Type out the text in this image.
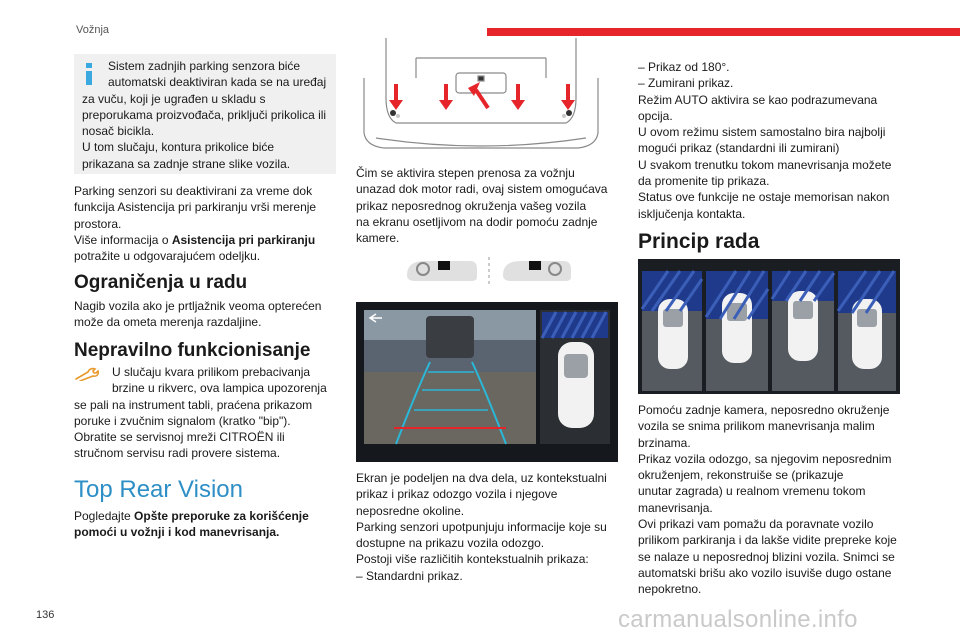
Vožnja
Sistem zadnjih parking senzora biće
automatski deaktiviran kada se na uređaj
za vuču, koji je ugrađen u skladu s
preporukama proizvođača, priključi prikolica ili
nosač bicikla.
U tom slučaju, kontura prikolice biće
prikazana sa zadnje strane slike vozila.
Parking senzori su deaktivirani za vreme dok
funkcija Asistencija pri parkiranju vrši merenje
prostora.
Više informacija o Asistencija pri parkiranju
potražite u odgovarajućem odeljku.
Ograničenja u radu
Nagib vozila ako je prtljažnik veoma opterećen
može da ometa merenja razdaljine.
Nepravilno funkcionisanje
U slučaju kvara prilikom prebacivanja
brzine u rikverc, ova lampica upozorenja
se pali na instrument tabli, praćena prikazom
poruke i zvučnim signalom (kratko "bip").
Obratite se servisnoj mreži CITROËN ili
stručnom servisu radi provere sistema.
Top Rear Vision
Pogledajte Opšte preporuke za korišćenje
pomoći u vožnji i kod manevrisanja.
Čim se aktivira stepen prenosa za vožnju
unazad dok motor radi, ovaj sistem omogućava
prikaz neposrednog okruženja vašeg vozila
na ekranu osetljivom na dodir pomoću zadnje
kamere.
Ekran je podeljen na dva dela, uz kontekstualni
prikaz i prikaz odozgo vozila i njegove
neposredne okoline.
Parking senzori upotpunjuju informacije koje su
dostupne na prikazu vozila odozgo.
Postoji više različitih kontekstualnih prikaza:
– Standardni prikaz.
– Prikaz od 180°.
– Zumirani prikaz.
Režim AUTO aktivira se kao podrazumevana
opcija.
U ovom režimu sistem samostalno bira najbolji
mogući prikaz (standardni ili zumirani)
U svakom trenutku tokom manevrisanja možete
da promenite tip prikaza.
Status ove funkcije ne ostaje memorisan nakon
isključenja kontakta.
Princip rada
Pomoću zadnje kamera, neposredno okruženje
vozila se snima prilikom manevrisanja malim
brzinama.
Prikaz vozila odozgo, sa njegovim neposrednim
okruženjem, rekonstruiše se (prikazuje
unutar zagrada) u realnom vremenu tokom
manevrisanja.
Ovi prikazi vam pomažu da poravnate vozilo
prilikom parkiranja i da lakše vidite prepreke koje
se nalaze u neposrednoj blizini vozila. Snimci se
automatski brišu ako vozilo isuviše dugo ostane
nepokretno.
136	carmanualsonline.info
